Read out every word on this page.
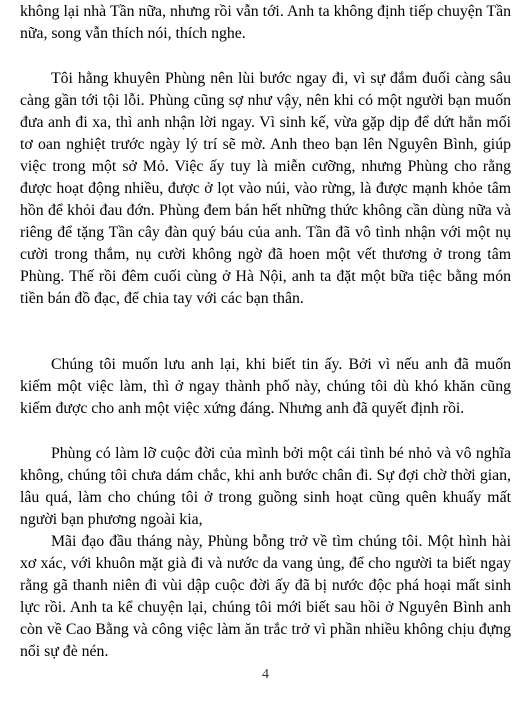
không lại nhà Tần nữa, nhưng rồi vẫn tới. Anh ta không định tiếp chuyện Tần nữa, song vẫn thích nói, thích nghe.

Tôi hằng khuyên Phùng nên lùi bước ngay đi, vì sự đắm đuối càng sâu càng gần tới tội lỗi. Phùng cũng sợ như vậy, nên khi có một người bạn muốn đưa anh đi xa, thì anh nhận lời ngay. Vì sinh kế, vừa gặp dịp để dứt hẳn mối tơ oan nghiệt trước ngày lý trí sẽ mờ. Anh theo bạn lên Nguyên Bình, giúp việc trong một sở Mỏ. Việc ấy tuy là miễn cưỡng, nhưng Phùng cho rằng được hoạt động nhiều, được ở lọt vào núi, vào rừng, là được mạnh khỏe tâm hồn để khỏi đau đớn. Phùng đem bán hết những thức không cần dùng nữa và riêng để tặng Tần cây đàn quý báu của anh. Tần đã vô tình nhận với một nụ cười trong thắm, nụ cười không ngờ đã hoen một vết thương ở trong tâm Phùng. Thế rồi đêm cuối cùng ở Hà Nội, anh ta đặt một bữa tiệc bằng món tiền bán đồ đạc, để chia tay với các bạn thân.

Chúng tôi muốn lưu anh lại, khi biết tin ấy. Bởi vì nếu anh đã muốn kiếm một việc làm, thì ở ngay thành phố này, chúng tôi dù khó khăn cũng kiếm được cho anh một việc xứng đáng. Nhưng anh đã quyết định rồi.

Phùng có làm lỡ cuộc đời của mình bởi một cái tình bé nhỏ và vô nghĩa không, chúng tôi chưa dám chắc, khi anh bước chân đi. Sự đợi chờ thời gian, lâu quá, làm cho chúng tôi ở trong guồng sinh hoạt cũng quên khuấy mất người bạn phương ngoài kia,

Mãi đạo đầu tháng này, Phùng bỗng trở về tìm chúng tôi. Một hình hài xơ xác, với khuôn mặt già đi và nước da vang ủng, để cho người ta biết ngay rằng gã thanh niên đi vùi dập cuộc đời ấy đã bị nước độc phá hoại mất sinh lực rồi. Anh ta kể chuyện lại, chúng tôi mới biết sau hồi ở Nguyên Bình anh còn về Cao Bằng và công việc làm ăn trắc trở vì phần nhiều không chịu đựng nổi sự đè nén.

4
